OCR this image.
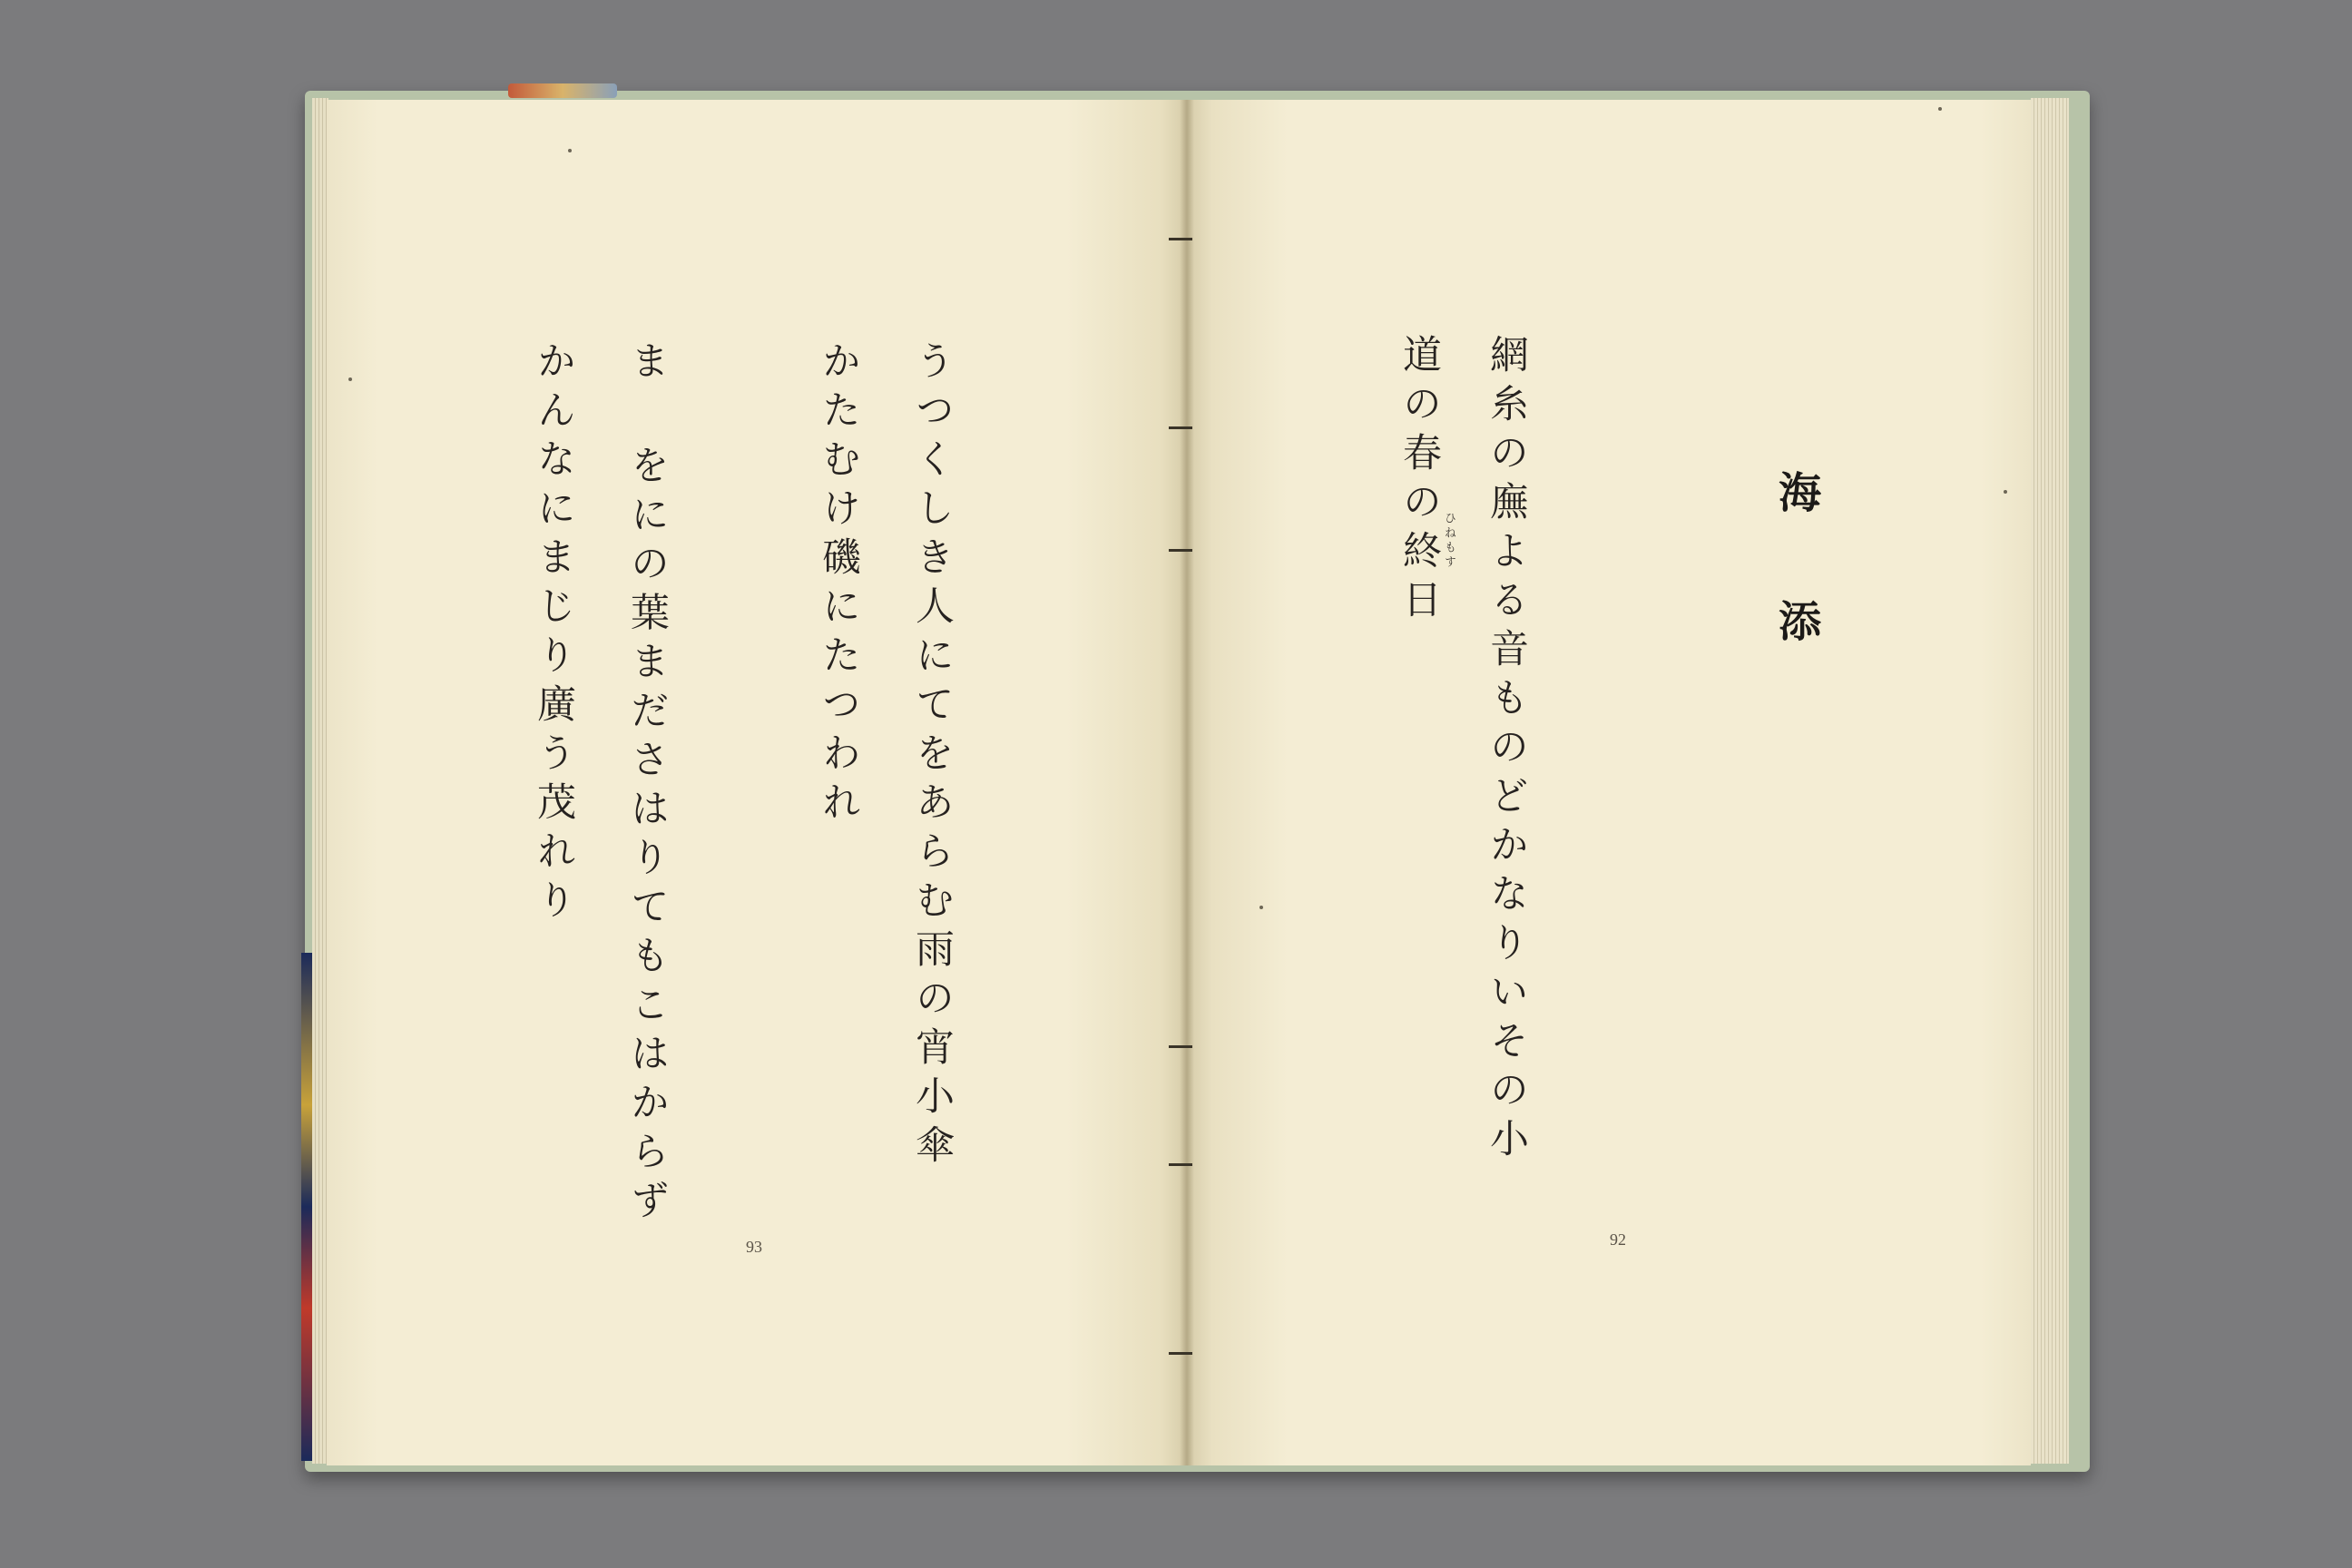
海添
網糸の廡よる音ものどかなりいその小
道の春の終日 ひねもす
92
うつくしき人にてをあらむ雨の宵小傘
かたむけ磯にたつわれ
ま をにの葉まださはりてもこはからず
かんなにまじり廣う茂れり
93
